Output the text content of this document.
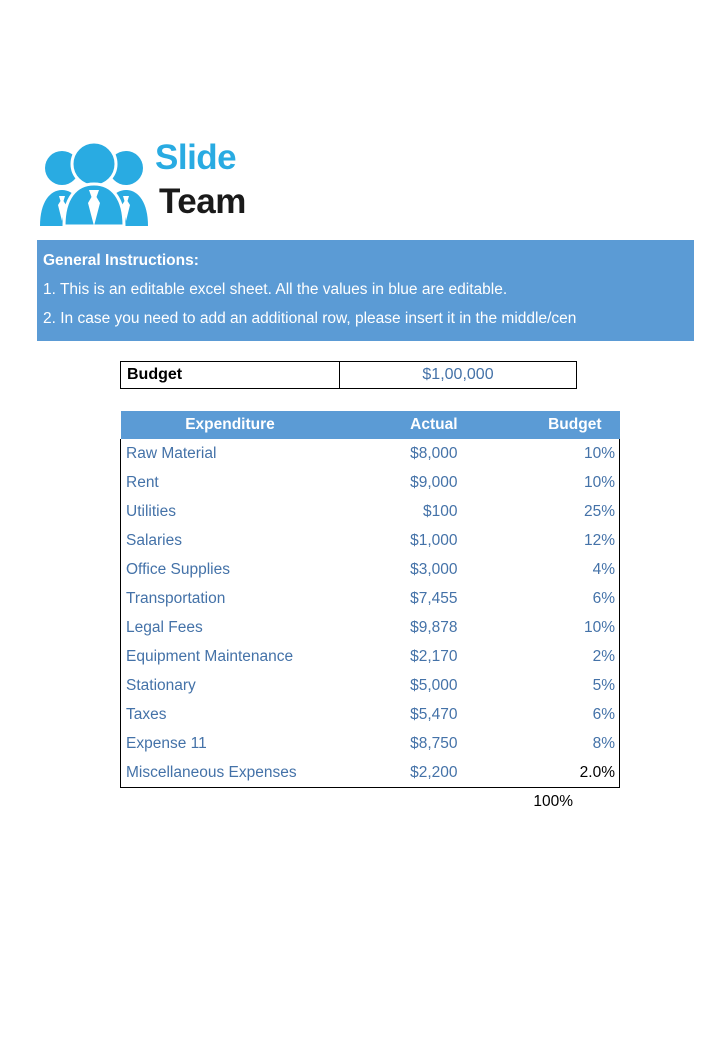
Slide
Team
General Instructions:
1. This is an editable excel sheet. All the values in blue are editable.
2. In case you need to add an additional row, please insert it in the middle/cen
Budget	$1,00,000
Expenditure	Actual	Budget
Raw Material	$8,000	10%
Rent	$9,000	10%
Utilities	$100	25%
Salaries	$1,000	12%
Office Supplies	$3,000	4%
Transportation	$7,455	6%
Legal Fees	$9,878	10%
Equipment Maintenance	$2,170	2%
Stationary	$5,000	5%
Taxes	$5,470	6%
Expense 11	$8,750	8%
Miscellaneous Expenses	$2,200	2.0%
100%
